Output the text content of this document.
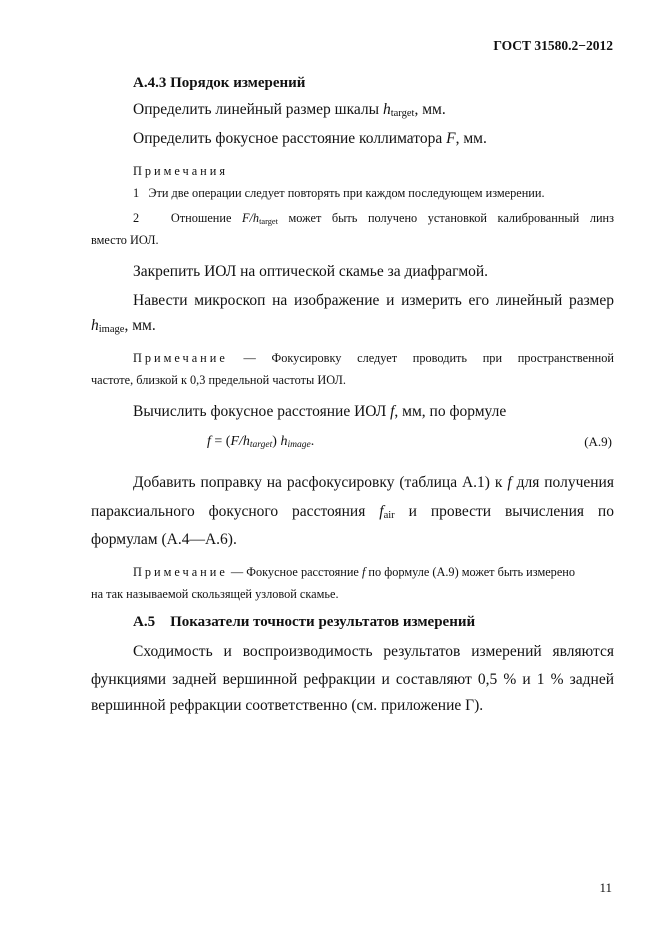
ГОСТ 31580.2−2012
А.4.3 Порядок измерений
Определить линейный размер шкалы $h_{target}$, мм.
Определить фокусное расстояние коллиматора F, мм.
Примечания
1 Эти две операции следует повторять при каждом последующем измерении.
2	Отношение $F/h_{target}$ может быть получено установкой калиброванный линз
вместо ИОЛ.
Закрепить ИОЛ на оптической скамье за диафрагмой.
Навести микроскоп на изображение и измерить его линейный размер
$h_{image}$, мм.
Примечание — Фокусировку следует проводить при пространственной
частоте, близкой к 0,3 предельной частоты ИОЛ.
Вычислить фокусное расстояние ИОЛ f, мм, по формуле
$f = (F/h_{target})$ $h_{image}$.	(А.9)
Добавить поправку на расфокусировку (таблица А.1) к f для получения
параксиального фокусного расстояния $f_{air}$ и провести вычисления по
формулам (А.4—А.6).
Примечание — Фокусное расстояние f по формуле (А.9) может быть измерено
на так называемой скользящей узловой скамье.
А.5    Показатели точности результатов измерений
Сходимость и воспроизводимость результатов измерений являются
функциями задней вершинной рефракции и составляют 0,5 % и 1 % задней
вершинной рефракции соответственно (см. приложение Г).
11
